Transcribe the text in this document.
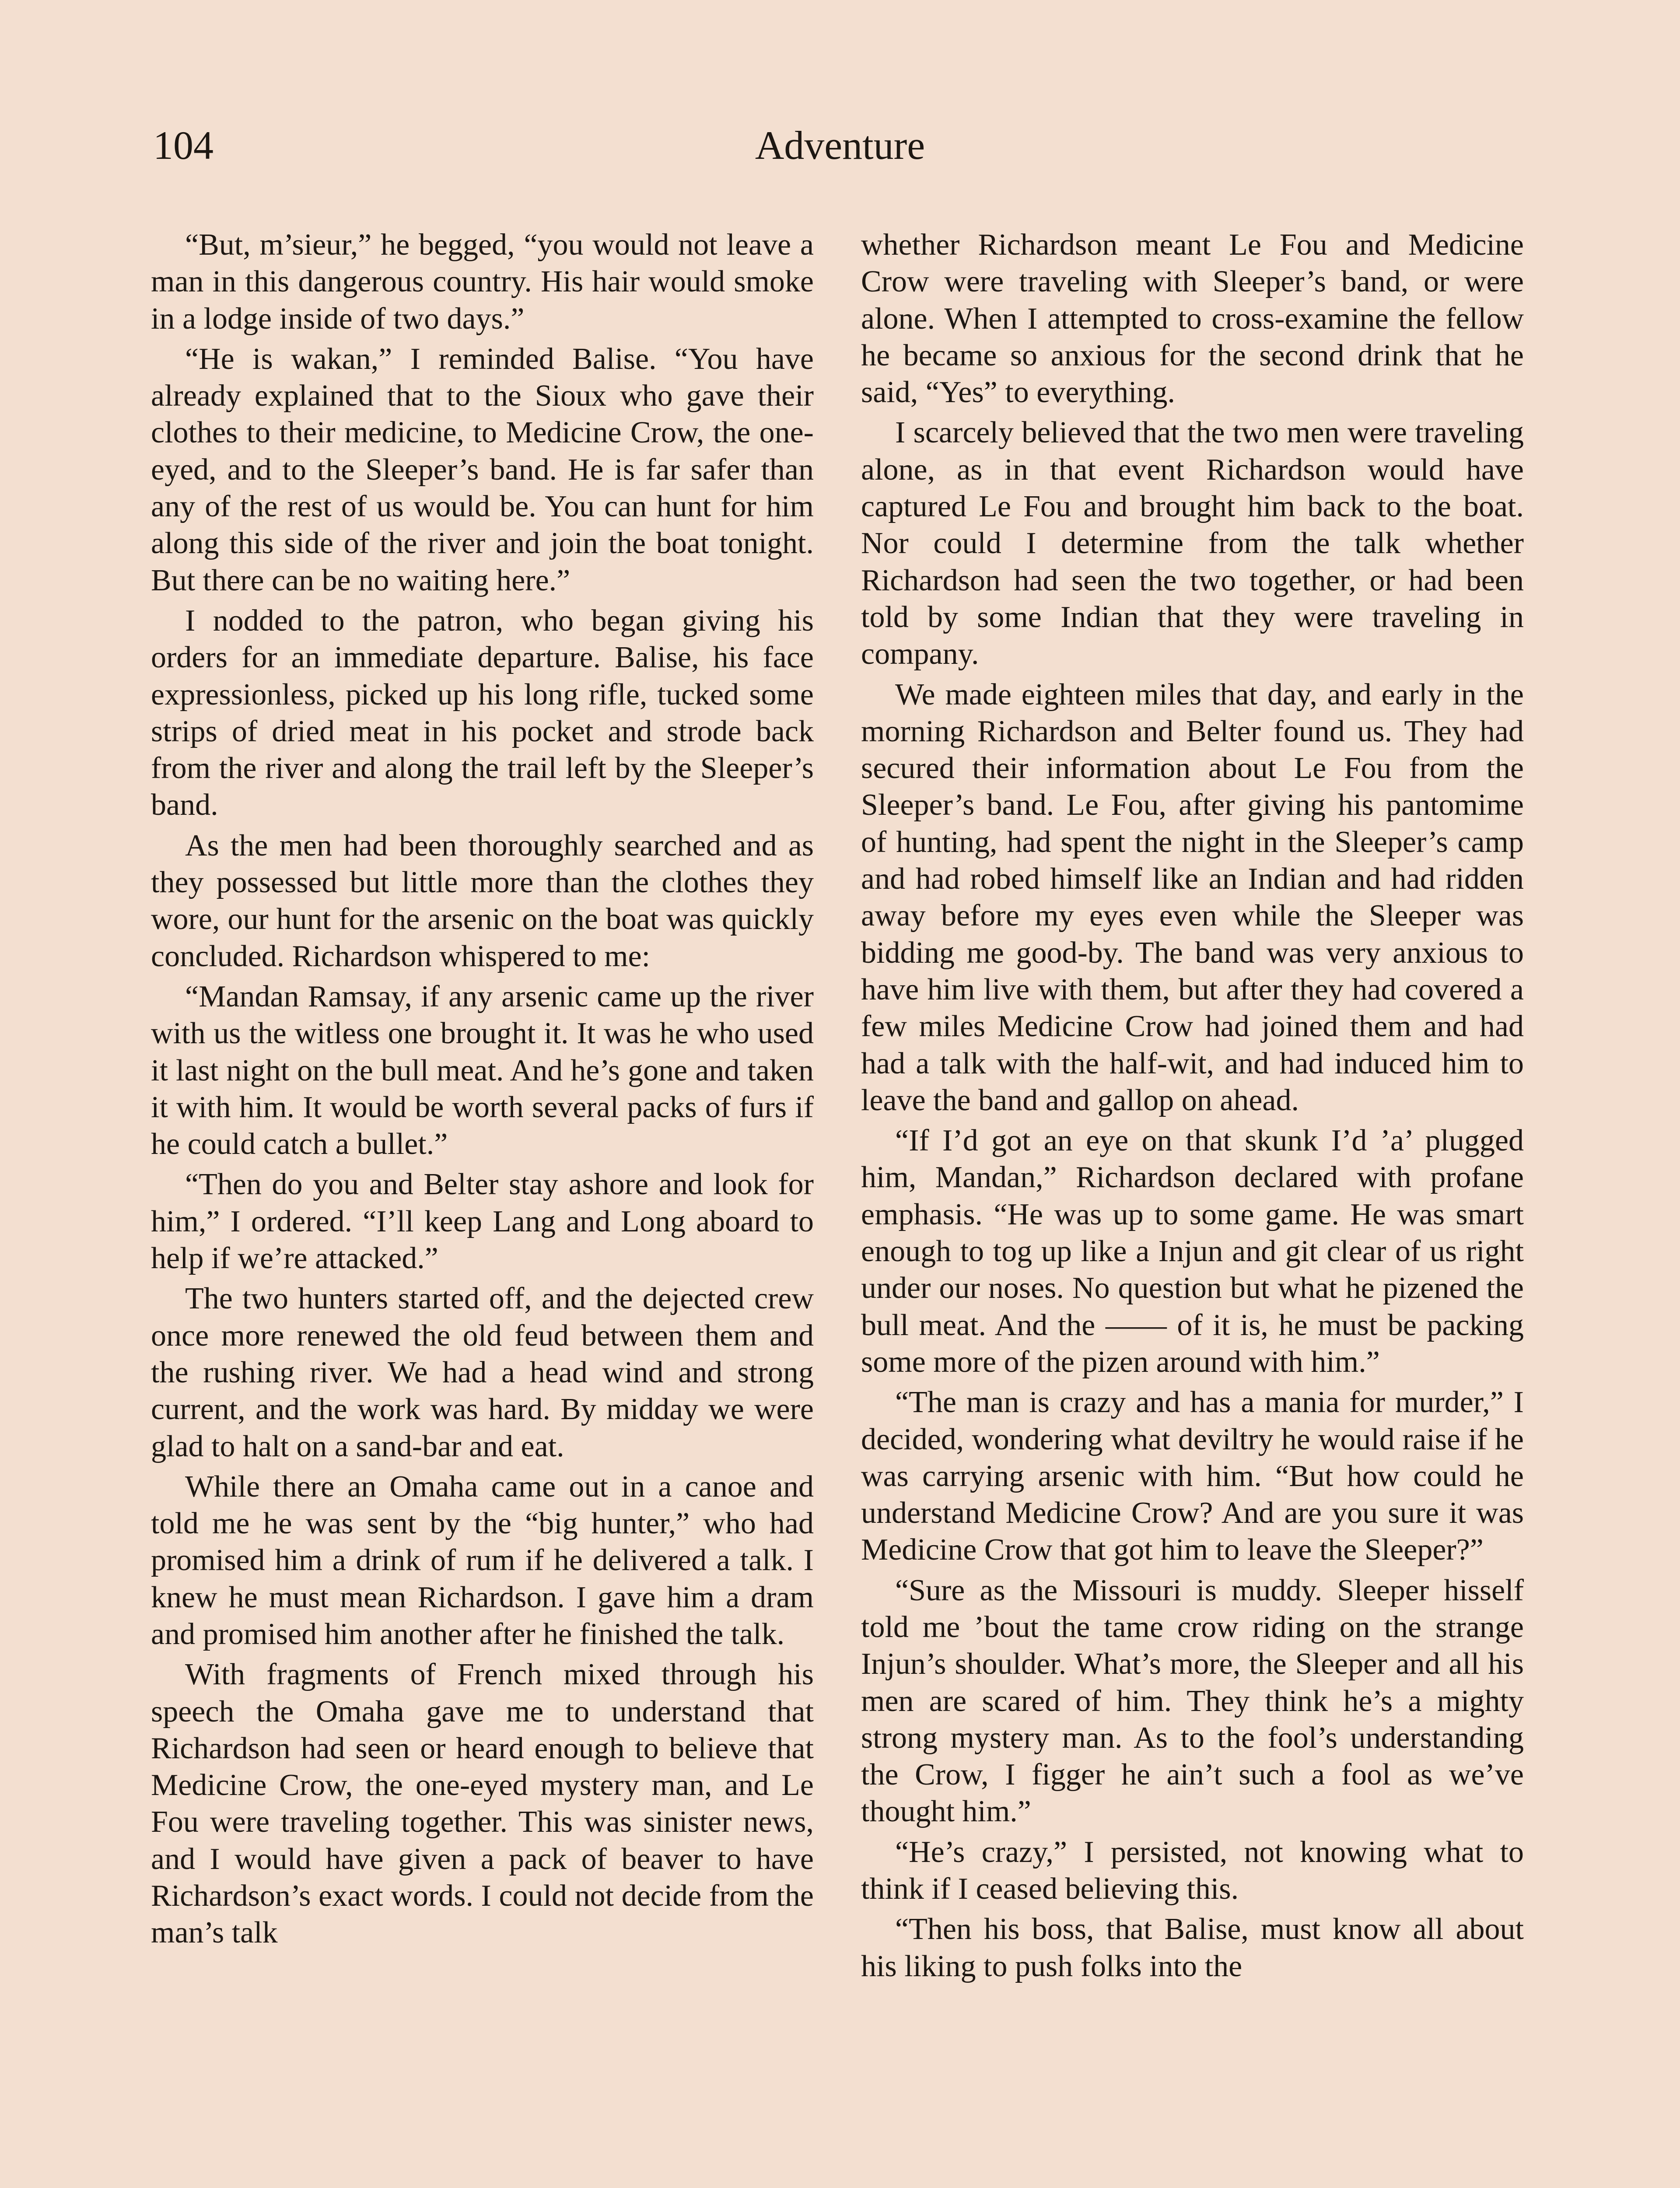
104	Adventure

“But, m’sieur,” he begged, “you would not leave a man in this dangerous country. His hair would smoke in a lodge inside of two days.”

“He is wakan,” I reminded Balise. “You have already explained that to the Sioux who gave their clothes to their medicine, to Medicine Crow, the one-eyed, and to the Sleeper’s band. He is far safer than any of the rest of us would be. You can hunt for him along this side of the river and join the boat tonight. But there can be no waiting here.”

I nodded to the patron, who began giving his orders for an immediate departure. Balise, his face expressionless, picked up his long rifle, tucked some strips of dried meat in his pocket and strode back from the river and along the trail left by the Sleeper’s band.

As the men had been thoroughly searched and as they possessed but little more than the clothes they wore, our hunt for the arsenic on the boat was quickly concluded. Richardson whispered to me:

“Mandan Ramsay, if any arsenic came up the river with us the witless one brought it. It was he who used it last night on the bull meat. And he’s gone and taken it with him. It would be worth several packs of furs if he could catch a bullet.”

“Then do you and Belter stay ashore and look for him,” I ordered. “I’ll keep Lang and Long aboard to help if we’re attacked.”

The two hunters started off, and the dejected crew once more renewed the old feud between them and the rushing river. We had a head wind and strong current, and the work was hard. By midday we were glad to halt on a sand-bar and eat.

While there an Omaha came out in a canoe and told me he was sent by the “big hunter,” who had promised him a drink of rum if he delivered a talk. I knew he must mean Richardson. I gave him a dram and promised him another after he finished the talk.

With fragments of French mixed through his speech the Omaha gave me to understand that Richardson had seen or heard enough to believe that Medicine Crow, the one-eyed mystery man, and Le Fou were traveling together. This was sinister news, and I would have given a pack of beaver to have Richardson’s exact words. I could not decide from the man’s talk

whether Richardson meant Le Fou and Medicine Crow were traveling with Sleeper’s band, or were alone. When I attempted to cross-examine the fellow he became so anxious for the second drink that he said, “Yes” to everything.

I scarcely believed that the two men were traveling alone, as in that event Richardson would have captured Le Fou and brought him back to the boat. Nor could I determine from the talk whether Richardson had seen the two together, or had been told by some Indian that they were traveling in company.

We made eighteen miles that day, and early in the morning Richardson and Belter found us. They had secured their information about Le Fou from the Sleeper’s band. Le Fou, after giving his pantomime of hunting, had spent the night in the Sleeper’s camp and had robed himself like an Indian and had ridden away before my eyes even while the Sleeper was bidding me good-by. The band was very anxious to have him live with them, but after they had covered a few miles Medicine Crow had joined them and had had a talk with the half-wit, and had induced him to leave the band and gallop on ahead.

“If I’d got an eye on that skunk I’d ’a’ plugged him, Mandan,” Richardson declared with profane emphasis. “He was up to some game. He was smart enough to tog up like a Injun and git clear of us right under our noses. No question but what he pizened the bull meat. And the —— of it is, he must be packing some more of the pizen around with him.”

“The man is crazy and has a mania for murder,” I decided, wondering what deviltry he would raise if he was carrying arsenic with him. “But how could he understand Medicine Crow? And are you sure it was Medicine Crow that got him to leave the Sleeper?”

“Sure as the Missouri is muddy. Sleeper hisself told me ’bout the tame crow riding on the strange Injun’s shoulder. What’s more, the Sleeper and all his men are scared of him. They think he’s a mighty strong mystery man. As to the fool’s understanding the Crow, I figger he ain’t such a fool as we’ve thought him.”

“He’s crazy,” I persisted, not knowing what to think if I ceased believing this.

“Then his boss, that Balise, must know all about his liking to push folks into the
